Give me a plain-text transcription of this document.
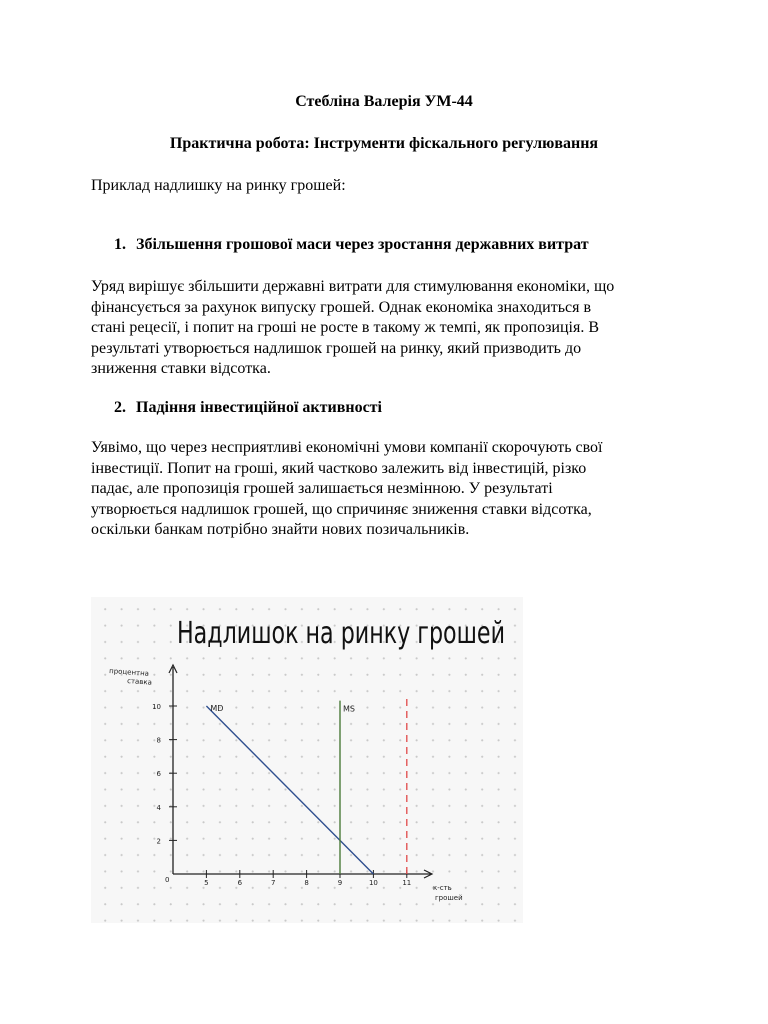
Стебліна Валерія УМ-44
Практична робота: Інструменти фіскального регулювання
Приклад надлишку на ринку грошей:
1. Збільшення грошової маси через зростання державних витрат
Уряд вирішує збільшити державні витрати для стимулювання економіки, що
фінансується за рахунок випуску грошей. Однак економіка знаходиться в
стані рецесії, і попит на гроші не росте в такому ж темпі, як пропозиція. В
результаті утворюється надлишок грошей на ринку, який призводить до
зниження ставки відсотка.
2. Падіння інвестиційної активності
Уявімо, що через несприятливі економічні умови компанії скорочують свої
інвестиції. Попит на гроші, який частково залежить від інвестицій, різко
падає, але пропозиція грошей залишається незмінною. У результаті
утворюється надлишок грошей, що спричиняє зниження ставки відсотка,
оскільки банкам потрібно знайти нових позичальників.
Надлишок на ринку грошей
процентна
ставка
0
2
4
6
8
10
5	6	7	8	9	10	11
к-сть
грошей
MD	MS
